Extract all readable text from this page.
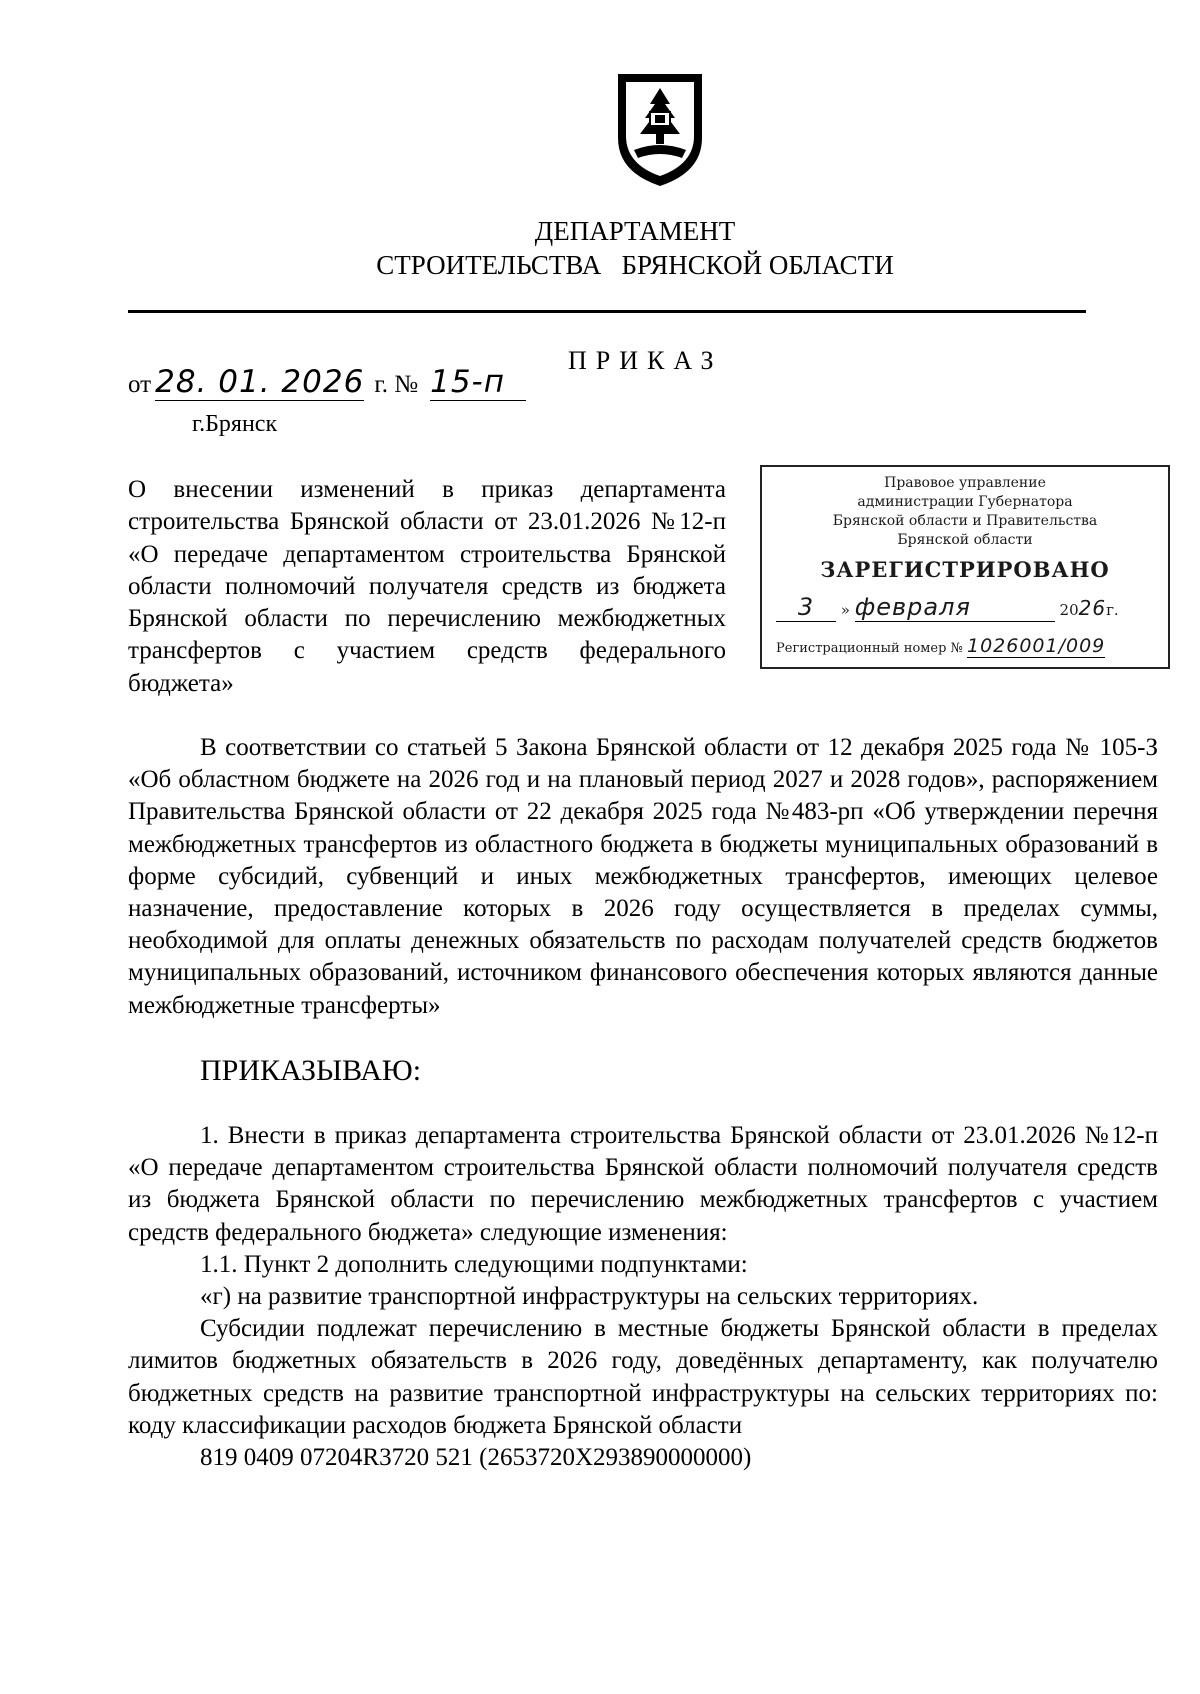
ДЕПАРТАМЕНТ
СТРОИТЕЛЬСТВА   БРЯНСКОЙ ОБЛАСТИ
ПРИКАЗ
от 28. 01. 2026 г. № 15-п
г.Брянск
О внесении изменений в приказ департамента строительства Брянской области от 23.01.2026 №12-п «О передаче департаментом строительства Брянской области полномочий получателя средств из бюджета Брянской области по перечислению межбюджетных трансфертов с участием средств федерального бюджета»
Правовое управление
администрации Губернатора
Брянской области и Правительства
Брянской области
ЗАРЕГИСТРИРОВАНО
3 » февраля	2026г.
Регистрационный номер № 1026001/009

В соответствии со статьей 5 Закона Брянской области от 12 декабря 2025 года № 105-З «Об областном бюджете на 2026 год и на плановый период 2027 и 2028 годов», распоряжением Правительства Брянской области от 22 декабря 2025 года №483-рп «Об утверждении перечня межбюджетных трансфертов из областного бюджета в бюджеты муниципальных образований в форме субсидий, субвенций и иных межбюджетных трансфертов, имеющих целевое назначение, предоставление которых в 2026 году осуществляется в пределах суммы, необходимой для оплаты денежных обязательств по расходам получателей средств бюджетов муниципальных образований, источником финансового обеспечения которых являются данные межбюджетные трансферты»

ПРИКАЗЫВАЮ:

1. Внести в приказ департамента строительства Брянской области от 23.01.2026 №12-п «О передаче департаментом строительства Брянской области полномочий получателя средств из бюджета Брянской области по перечислению межбюджетных трансфертов с участием средств федерального бюджета» следующие изменения:

1.1. Пункт 2 дополнить следующими подпунктами:
«г) на развитие транспортной инфраструктуры на сельских территориях.

Субсидии подлежат перечислению в местные бюджеты Брянской области в пределах лимитов бюджетных обязательств в 2026 году, доведённых департаменту, как получателю бюджетных средств на развитие транспортной инфраструктуры на сельских территориях по: коду классификации расходов бюджета Брянской области

819 0409 07204R3720 521 (2653720Х293890000000)
